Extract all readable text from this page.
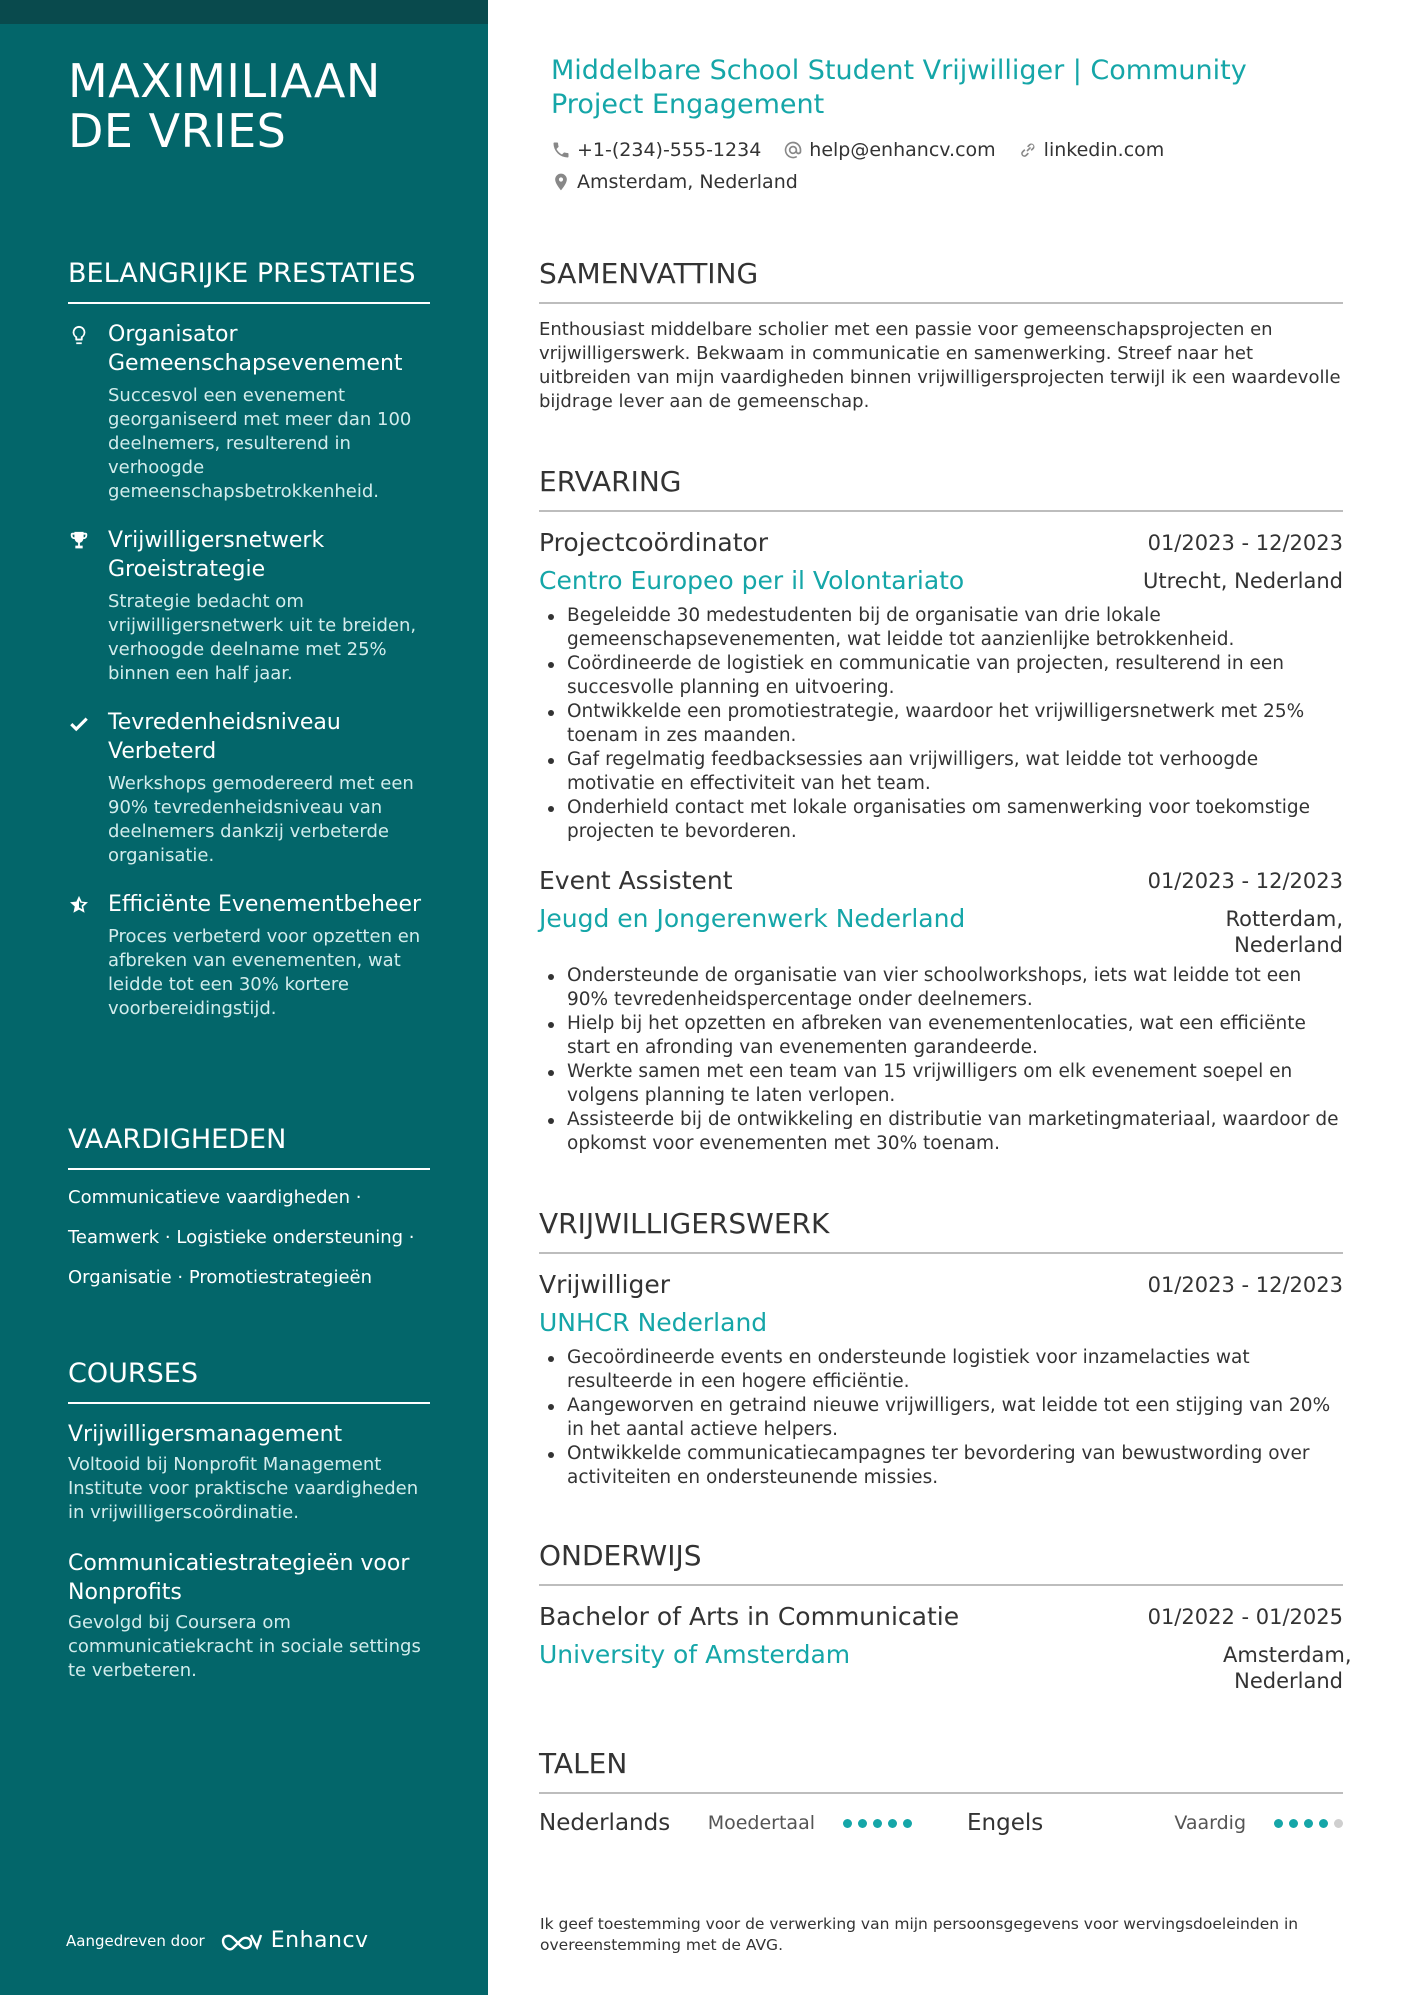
MAXIMILIAAN DE VRIES
BELANGRIJKE PRESTATIES
Organisator Gemeenschapsevenement
Succesvol een evenement georganiseerd met meer dan 100 deelnemers, resulterend in verhoogde gemeenschapsbetrokkenheid.
Vrijwilligersnetwerk Groeistrategie
Strategie bedacht om vrijwilligersnetwerk uit te breiden, verhoogde deelname met 25% binnen een half jaar.
Tevredenheidsniveau Verbeterd
Werkshops gemodereerd met een 90% tevredenheidsniveau van deelnemers dankzij verbeterde organisatie.
Efficiënte Evenementbeheer
Proces verbeterd voor opzetten en afbreken van evenementen, wat leidde tot een 30% kortere voorbereidingstijd.
VAARDIGHEDEN
Communicatieve vaardigheden ·
Teamwerk · Logistieke ondersteuning ·
Organisatie · Promotiestrategieën
COURSES
Vrijwilligersmanagement
Voltooid bij Nonprofit Management Institute voor praktische vaardigheden in vrijwilligerscoördinatie.
Communicatiestrategieën voor Nonprofits
Gevolgd bij Coursera om communicatiekracht in sociale settings te verbeteren.
Aangedreven door	Enhancv
Middelbare School Student Vrijwilliger | Community Project Engagement
+1-(234)-555-1234	help@enhancv.com	linkedin.com
Amsterdam, Nederland
SAMENVATTING
Enthousiast middelbare scholier met een passie voor gemeenschapsprojecten en vrijwilligerswerk. Bekwaam in communicatie en samenwerking. Streef naar het uitbreiden van mijn vaardigheden binnen vrijwilligersprojecten terwijl ik een waardevolle bijdrage lever aan de gemeenschap.
ERVARING
Projectcoördinator	01/2023 - 12/2023
Centro Europeo per il Volontariato	Utrecht, Nederland
Begeleidde 30 medestudenten bij de organisatie van drie lokale gemeenschapsevenementen, wat leidde tot aanzienlijke betrokkenheid.
Coördineerde de logistiek en communicatie van projecten, resulterend in een succesvolle planning en uitvoering.
Ontwikkelde een promotiestrategie, waardoor het vrijwilligersnetwerk met 25% toenam in zes maanden.
Gaf regelmatig feedbacksessies aan vrijwilligers, wat leidde tot verhoogde motivatie en effectiviteit van het team.
Onderhield contact met lokale organisaties om samenwerking voor toekomstige projecten te bevorderen.
Event Assistent	01/2023 - 12/2023
Jeugd en Jongerenwerk Nederland	Rotterdam, Nederland
Ondersteunde de organisatie van vier schoolworkshops, iets wat leidde tot een 90% tevredenheidspercentage onder deelnemers.
Hielp bij het opzetten en afbreken van evenementenlocaties, wat een efficiënte start en afronding van evenementen garandeerde.
Werkte samen met een team van 15 vrijwilligers om elk evenement soepel en volgens planning te laten verlopen.
Assisteerde bij de ontwikkeling en distributie van marketingmateriaal, waardoor de opkomst voor evenementen met 30% toenam.
VRIJWILLIGERSWERK
Vrijwilliger	01/2023 - 12/2023
UNHCR Nederland
Gecoördineerde events en ondersteunde logistiek voor inzamelacties wat resulteerde in een hogere efficiëntie.
Aangeworven en getraind nieuwe vrijwilligers, wat leidde tot een stijging van 20% in het aantal actieve helpers.
Ontwikkelde communicatiecampagnes ter bevordering van bewustwording over activiteiten en ondersteunende missies.
ONDERWIJS
Bachelor of Arts in Communicatie	01/2022 - 01/2025
University of Amsterdam	Amsterdam, Nederland
TALEN
Nederlands	Moedertaal	Engels	Vaardig
Ik geef toestemming voor de verwerking van mijn persoonsgegevens voor wervingsdoeleinden in overeenstemming met de AVG.
